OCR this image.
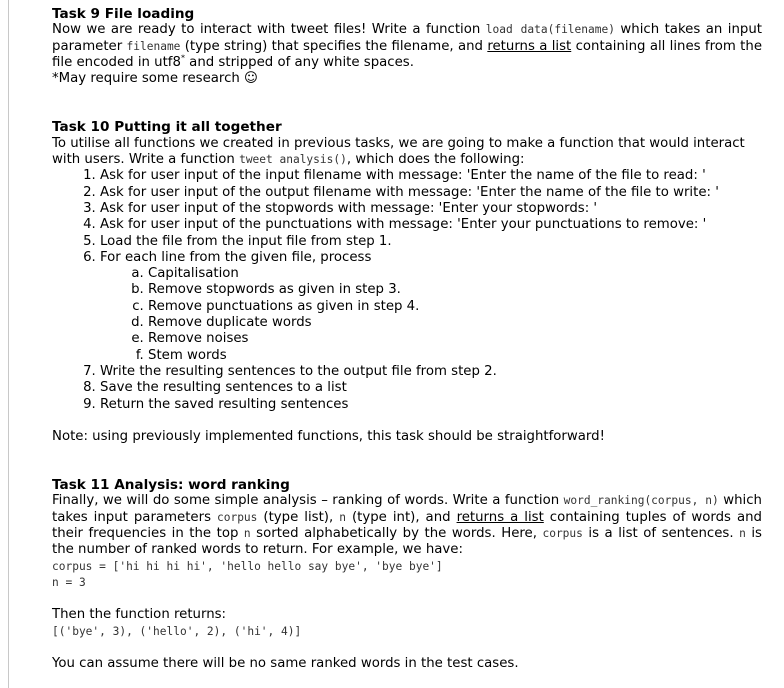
Task 9 File loading

Now we are ready to interact with tweet files! Write a function load data(filename) which takes an input parameter filename (type string) that specifies the filename, and returns a list containing all lines from the file encoded in utf8* and stripped of any white spaces.

*May require some research ☺

Task 10 Putting it all together

To utilise all functions we created in previous tasks, we are going to make a function that would interact with users. Write a function tweet analysis(), which does the following:

1. Ask for user input of the input filename with message: 'Enter the name of the file to read: '
2. Ask for user input of the output filename with message: 'Enter the name of the file to write: '
3. Ask for user input of the stopwords with message: 'Enter your stopwords: '
4. Ask for user input of the punctuations with message: 'Enter your punctuations to remove: '
5. Load the file from the input file from step 1.
6. For each line from the given file, process
a. Capitalisation
b. Remove stopwords as given in step 3.
c. Remove punctuations as given in step 4.
d. Remove duplicate words
e. Remove noises
f. Stem words
7. Write the resulting sentences to the output file from step 2.
8. Save the resulting sentences to a list
9. Return the saved resulting sentences

Note: using previously implemented functions, this task should be straightforward!

Task 11 Analysis: word ranking

Finally, we will do some simple analysis – ranking of words. Write a function word_ranking(corpus, n) which takes input parameters corpus (type list), n (type int), and returns a list containing tuples of words and their frequencies in the top n sorted alphabetically by the words. Here, corpus is a list of sentences. n is the number of ranked words to return. For example, we have:

corpus = ['hi hi hi hi', 'hello hello say bye', 'bye bye']
n = 3

Then the function returns:

[('bye', 3), ('hello', 2), ('hi', 4)]

You can assume there will be no same ranked words in the test cases.
